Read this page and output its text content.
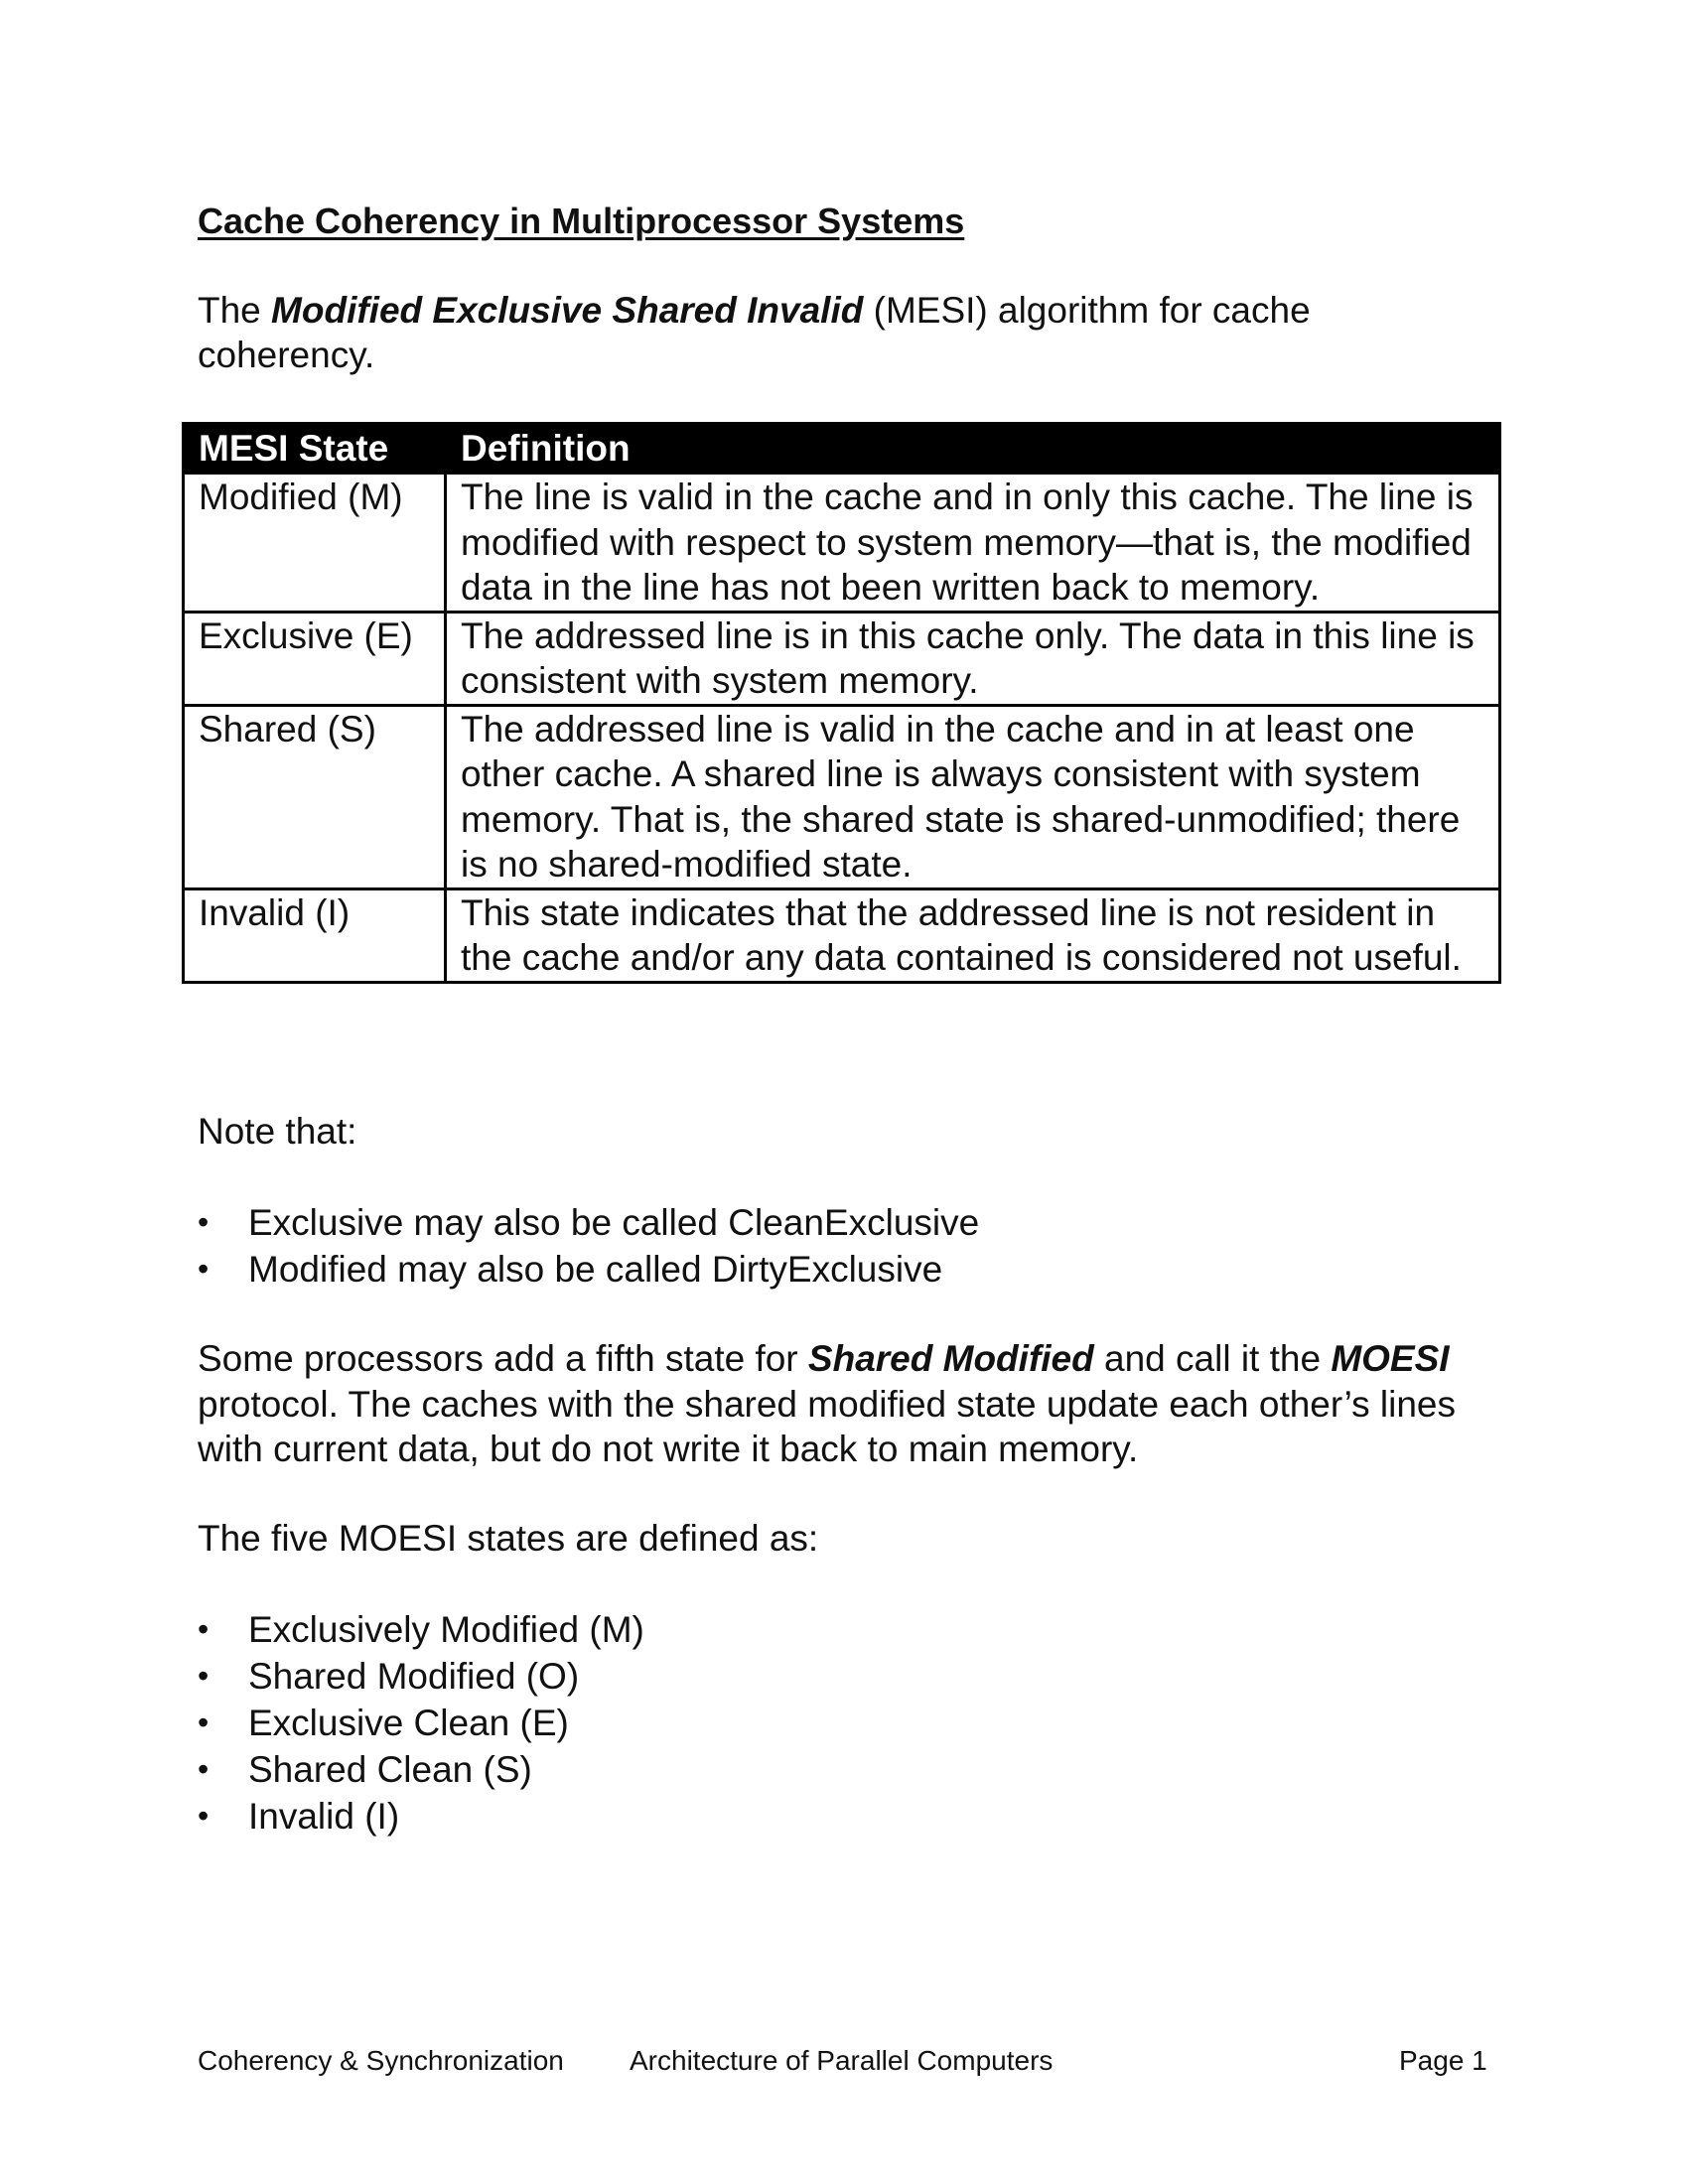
Cache Coherency in Multiprocessor Systems
The Modified Exclusive Shared Invalid (MESI) algorithm for cache coherency.
MESI State	Definition
Modified (M)	The line is valid in the cache and in only this cache. The line is modified with respect to system memory—that is, the modified data in the line has not been written back to memory.
Exclusive (E)	The addressed line is in this cache only. The data in this line is consistent with system memory.
Shared (S)	The addressed line is valid in the cache and in at least one other cache. A shared line is always consistent with system memory. That is, the shared state is shared-unmodified; there is no shared-modified state.
Invalid (I)	This state indicates that the addressed line is not resident in the cache and/or any data contained is considered not useful.
Note that:
• Exclusive may also be called CleanExclusive
• Modified may also be called DirtyExclusive
Some processors add a fifth state for Shared Modified and call it the MOESI protocol. The caches with the shared modified state update each other’s lines with current data, but do not write it back to main memory.
The five MOESI states are defined as:
• Exclusively Modified (M)
• Shared Modified (O)
• Exclusive Clean (E)
• Shared Clean (S)
• Invalid (I)
Coherency & Synchronization Architecture of Parallel Computers	Page 1
